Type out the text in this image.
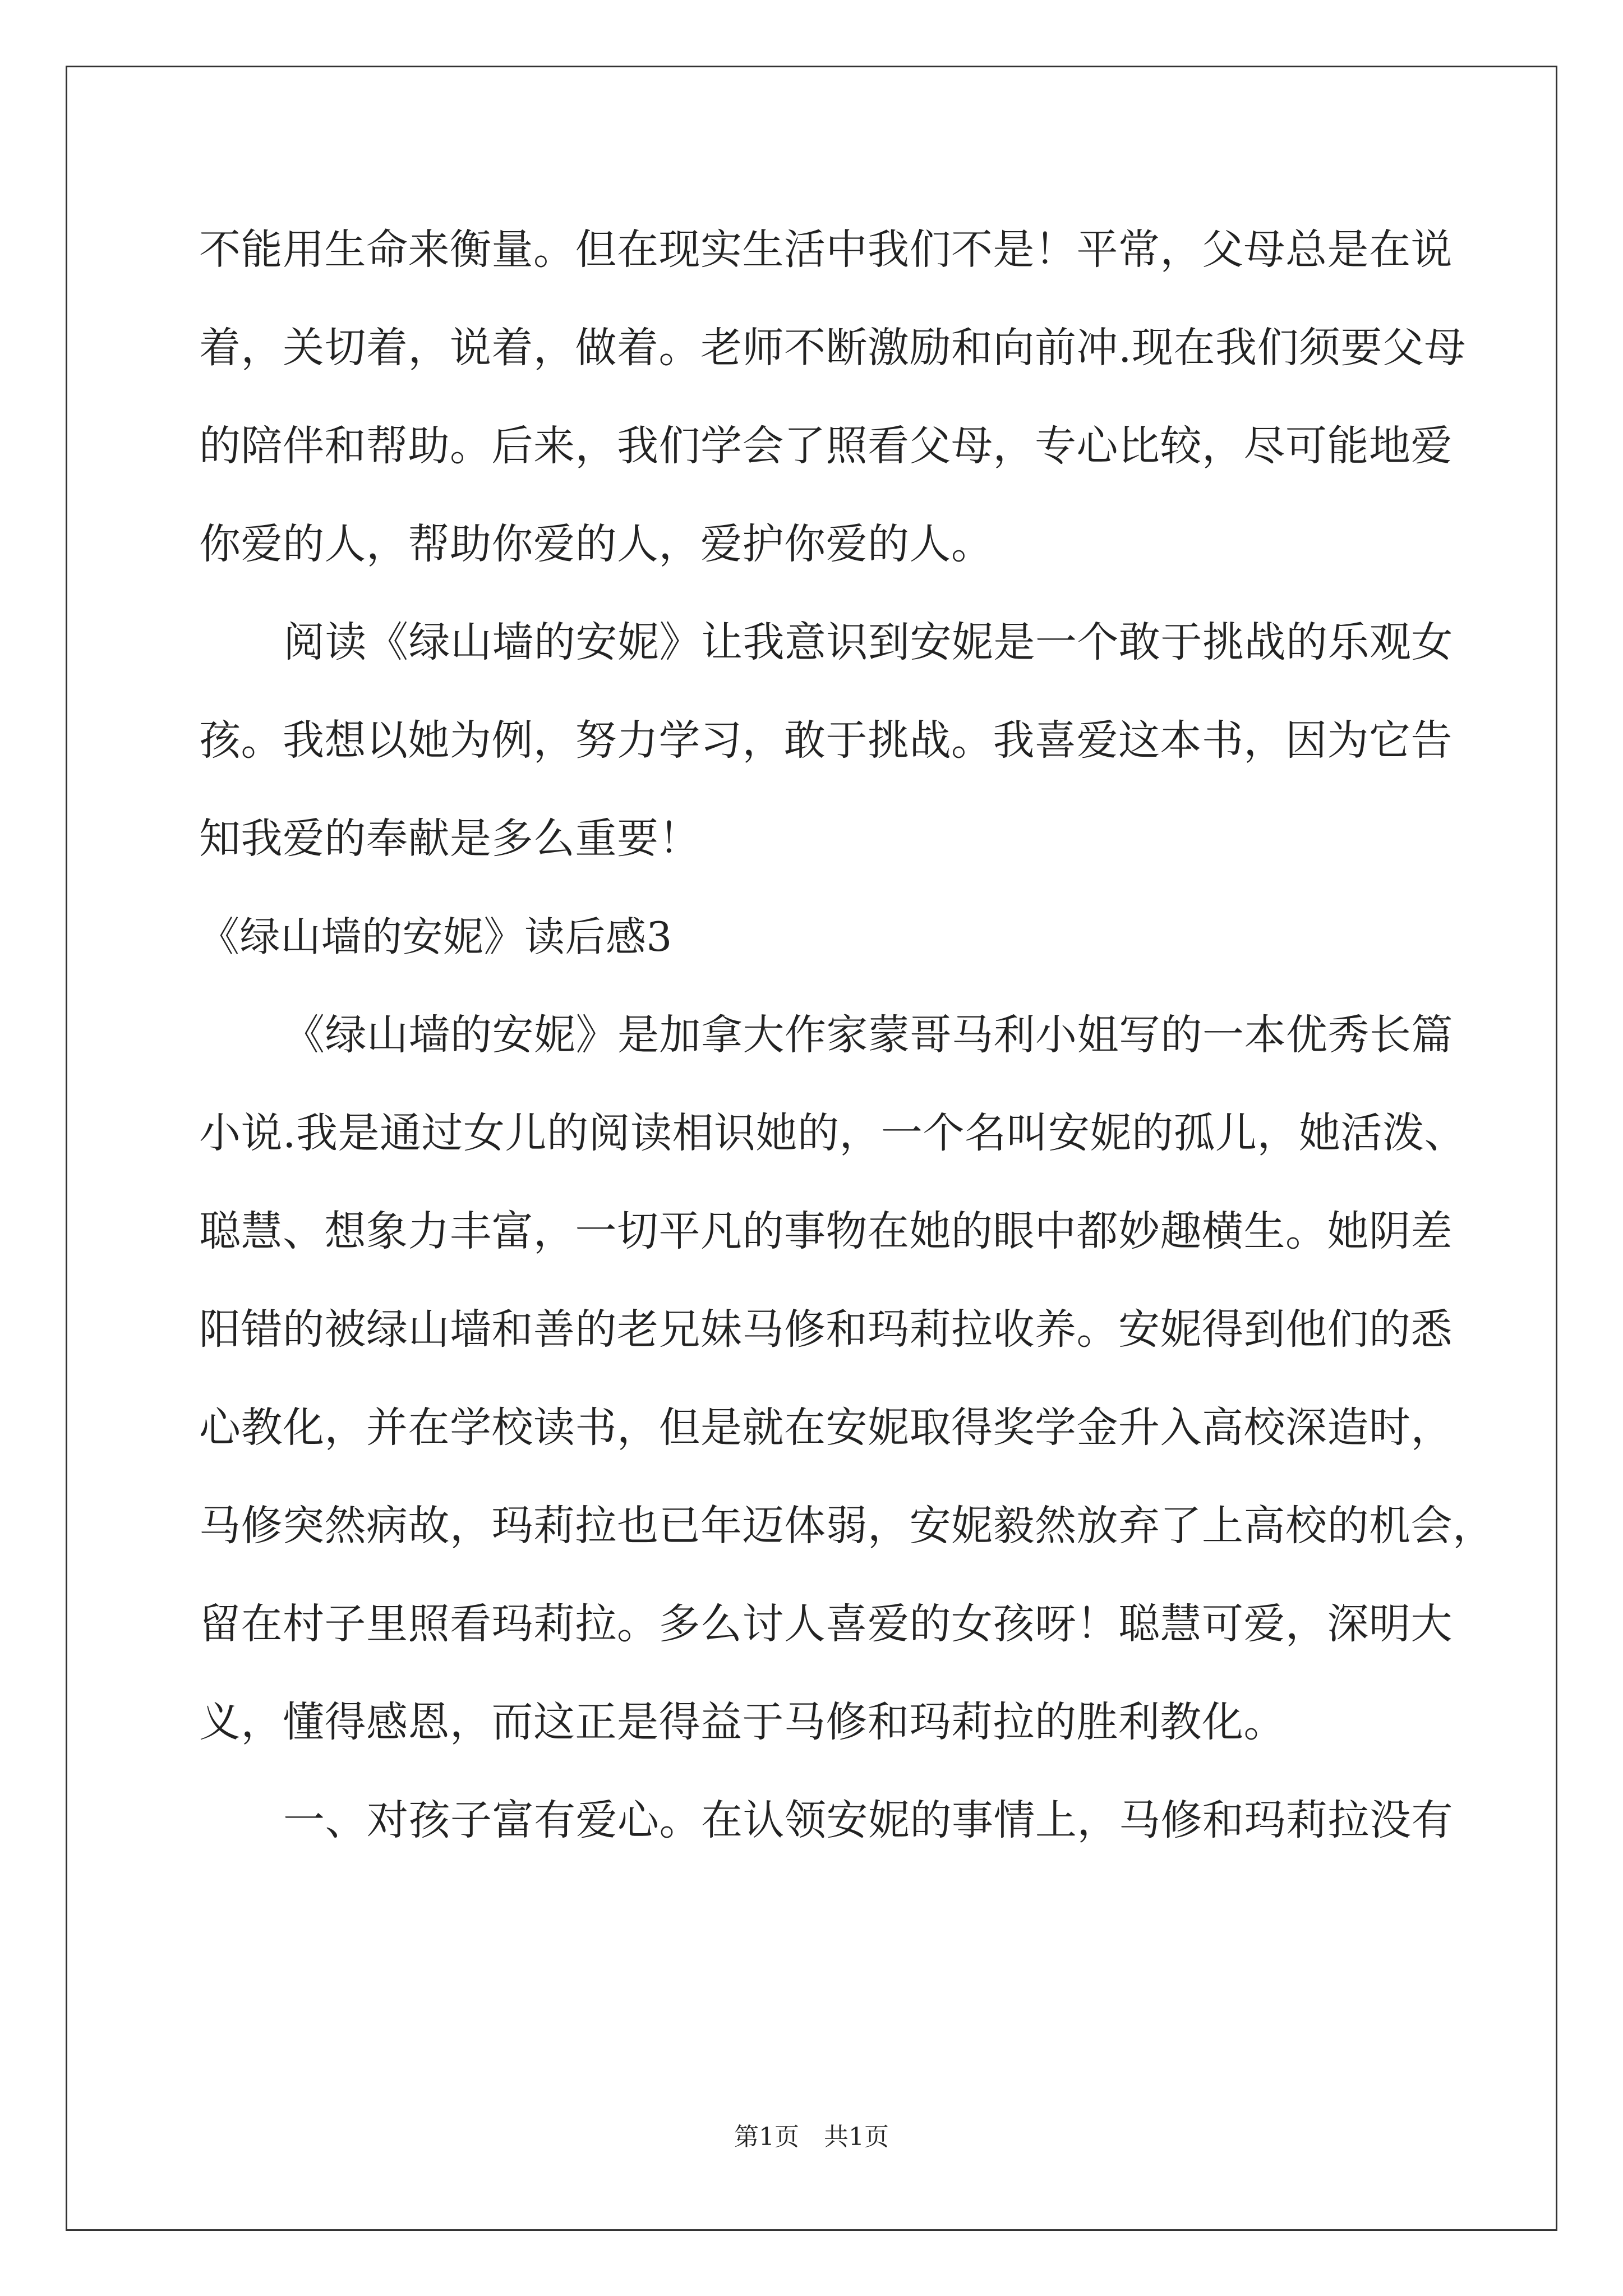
不能用生命来衡量。但在现实生活中我们不是！平常，父母总是在说
着，关切着，说着，做着。老师不断激励和向前冲.现在我们须要父母
的陪伴和帮助。后来，我们学会了照看父母，专心比较，尽可能地爱
你爱的人，帮助你爱的人，爱护你爱的人。
阅读《绿山墙的安妮》让我意识到安妮是一个敢于挑战的乐观女
孩。我想以她为例，努力学习，敢于挑战。我喜爱这本书，因为它告
知我爱的奉献是多么重要！
《绿山墙的安妮》读后感3
《绿山墙的安妮》是加拿大作家蒙哥马利小姐写的一本优秀长篇
小说.我是通过女儿的阅读相识她的，一个名叫安妮的孤儿，她活泼、
聪慧、想象力丰富，一切平凡的事物在她的眼中都妙趣横生。她阴差
阳错的被绿山墙和善的老兄妹马修和玛莉拉收养。安妮得到他们的悉
心教化，并在学校读书，但是就在安妮取得奖学金升入高校深造时，
马修突然病故，玛莉拉也已年迈体弱，安妮毅然放弃了上高校的机会，
留在村子里照看玛莉拉。多么讨人喜爱的女孩呀！聪慧可爱，深明大
义，懂得感恩，而这正是得益于马修和玛莉拉的胜利教化。
一、对孩子富有爱心。在认领安妮的事情上，马修和玛莉拉没有
第1页　共1页
